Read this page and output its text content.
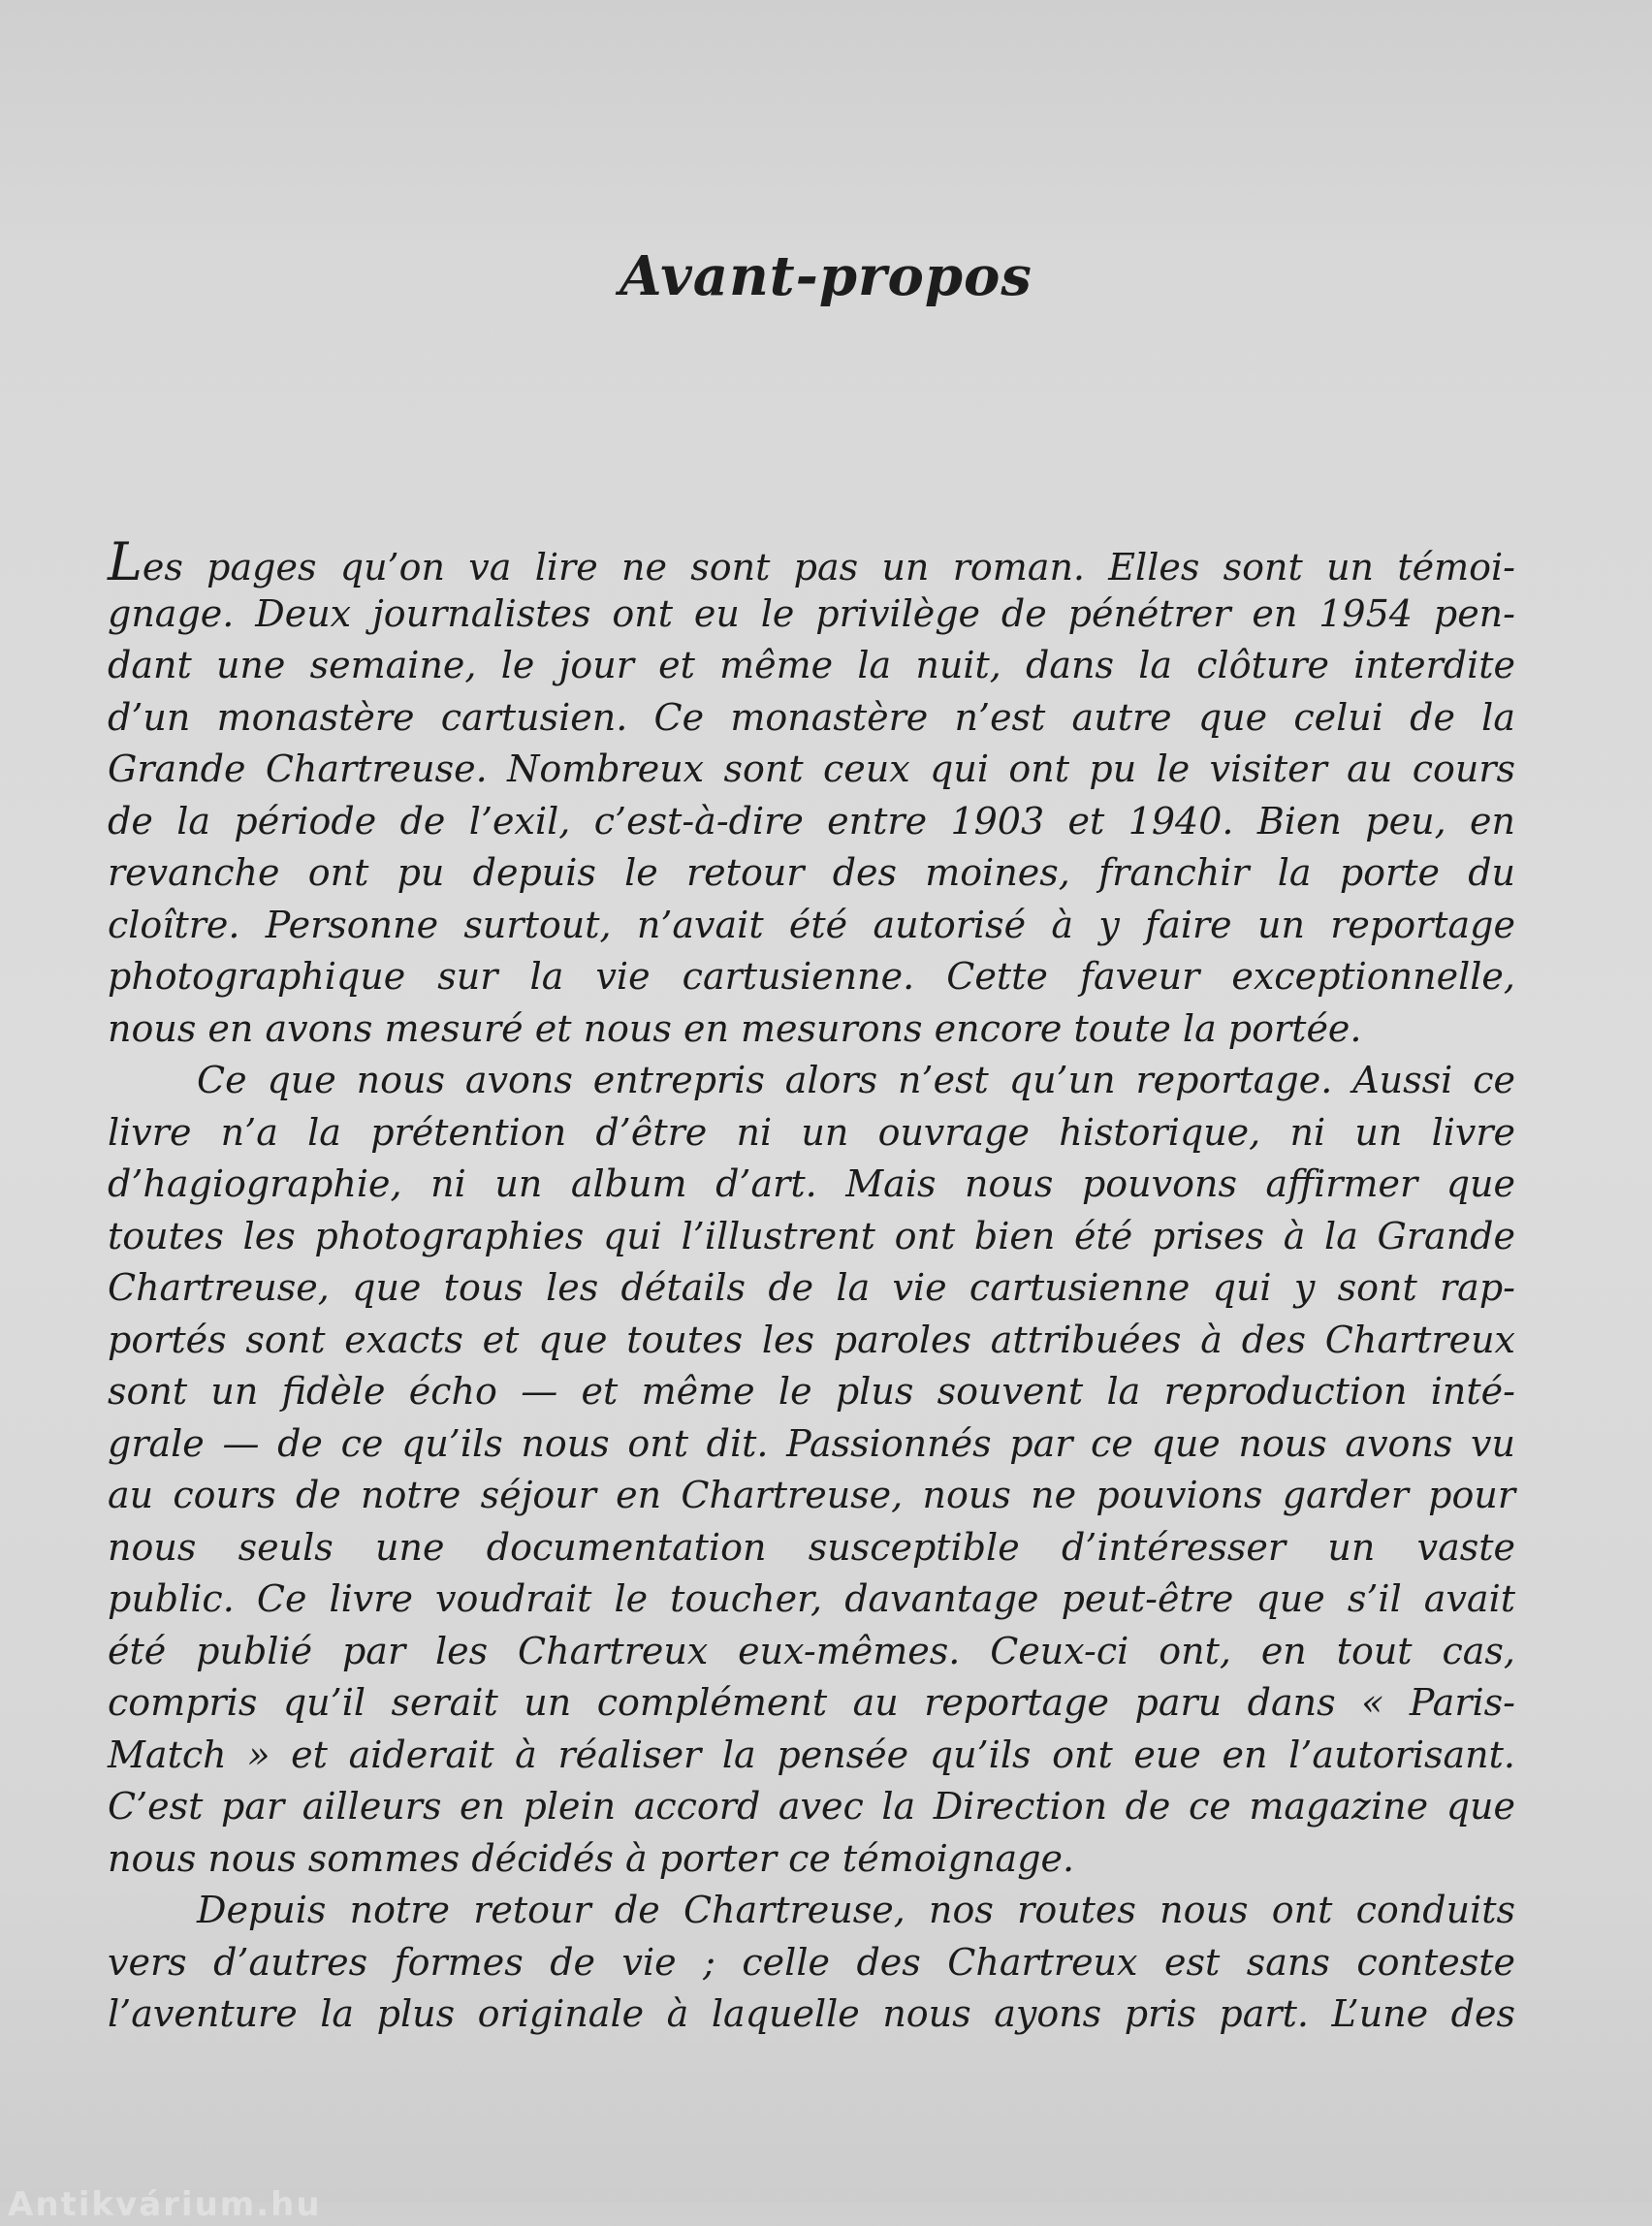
Avant-propos
Les pages qu’on va lire ne sont pas un roman. Elles sont un témoi-
gnage. Deux journalistes ont eu le privilège de pénétrer en 1954 pen-
dant une semaine, le jour et même la nuit, dans la clôture interdite
d’un monastère cartusien. Ce monastère n’est autre que celui de la
Grande Chartreuse. Nombreux sont ceux qui ont pu le visiter au cours
de la période de l’exil, c’est-à-dire entre 1903 et 1940. Bien peu, en
revanche ont pu depuis le retour des moines, franchir la porte du
cloître. Personne surtout, n’avait été autorisé à y faire un reportage
photographique sur la vie cartusienne. Cette faveur exceptionnelle,
nous en avons mesuré et nous en mesurons encore toute la portée.
Ce que nous avons entrepris alors n’est qu’un reportage. Aussi ce
livre n’a la prétention d’être ni un ouvrage historique, ni un livre
d’hagiographie, ni un album d’art. Mais nous pouvons affirmer que
toutes les photographies qui l’illustrent ont bien été prises à la Grande
Chartreuse, que tous les détails de la vie cartusienne qui y sont rap-
portés sont exacts et que toutes les paroles attribuées à des Chartreux
sont un fidèle écho — et même le plus souvent la reproduction inté-
grale — de ce qu’ils nous ont dit. Passionnés par ce que nous avons vu
au cours de notre séjour en Chartreuse, nous ne pouvions garder pour
nous seuls une documentation susceptible d’intéresser un vaste
public. Ce livre voudrait le toucher, davantage peut-être que s’il avait
été publié par les Chartreux eux-mêmes. Ceux-ci ont, en tout cas,
compris qu’il serait un complément au reportage paru dans « Paris-
Match » et aiderait à réaliser la pensée qu’ils ont eue en l’autorisant.
C’est par ailleurs en plein accord avec la Direction de ce magazine que
nous nous sommes décidés à porter ce témoignage.
Depuis notre retour de Chartreuse, nos routes nous ont conduits
vers d’autres formes de vie ; celle des Chartreux est sans conteste
l’aventure la plus originale à laquelle nous ayons pris part. L’une des
Antikvárium.hu
